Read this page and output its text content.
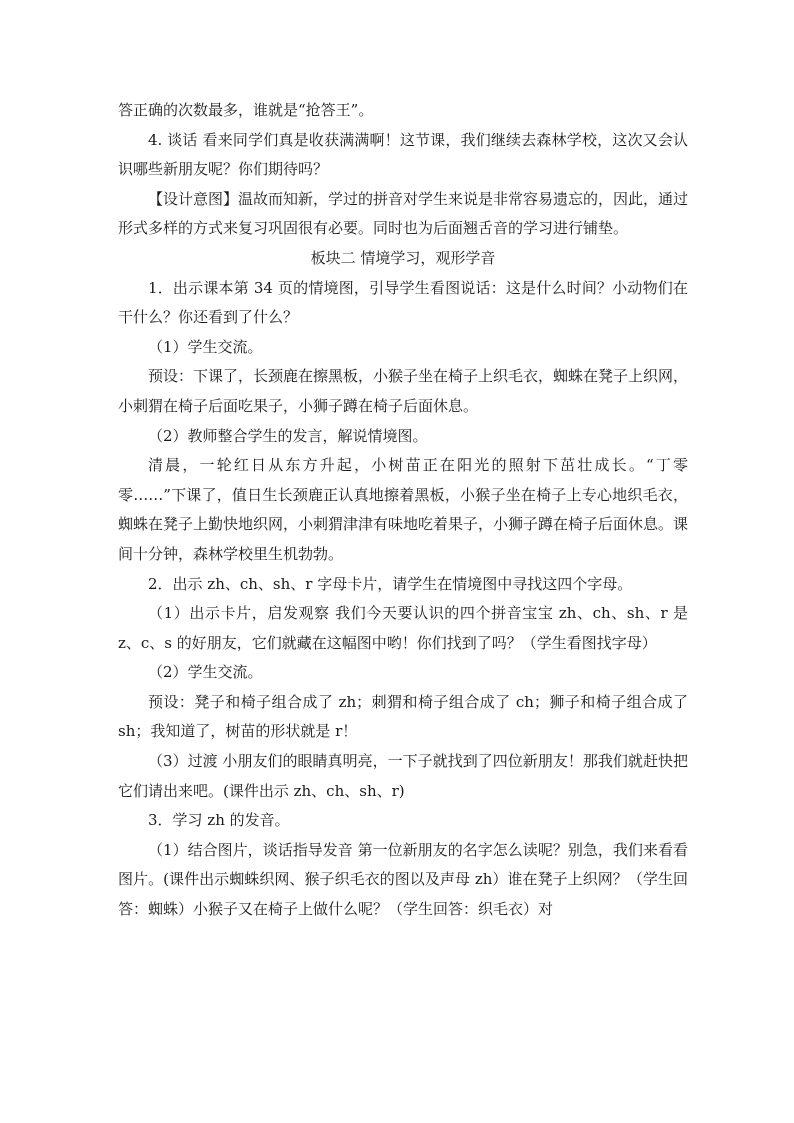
答正确的次数最多，谁就是“抢答王”。

4. 谈话 看来同学们真是收获满满啊！这节课，我们继续去森林学校，这次又会认识哪些新朋友呢？你们期待吗？

【设计意图】温故而知新，学过的拼音对学生来说是非常容易遗忘的，因此，通过形式多样的方式来复习巩固很有必要。同时也为后面翘舌音的学习进行铺垫。

板块二 情境学习，观形学音

1．出示课本第 34 页的情境图，引导学生看图说话：这是什么时间？小动物们在干什么？你还看到了什么？

（1）学生交流。

预设：下课了，长颈鹿在擦黑板，小猴子坐在椅子上织毛衣，蜘蛛在凳子上织网，小刺猬在椅子后面吃果子，小狮子蹲在椅子后面休息。

（2）教师整合学生的发言，解说情境图。

清晨，一轮红日从东方升起，小树苗正在阳光的照射下茁壮成长。“丁零零……”下课了，值日生长颈鹿正认真地擦着黑板，小猴子坐在椅子上专心地织毛衣，蜘蛛在凳子上勤快地织网，小刺猬津津有味地吃着果子，小狮子蹲在椅子后面休息。课间十分钟，森林学校里生机勃勃。

2．出示 zh、ch、sh、r 字母卡片，请学生在情境图中寻找这四个字母。

（1）出示卡片，启发观察 我们今天要认识的四个拼音宝宝 zh、ch、sh、r 是 z、c、s 的好朋友，它们就藏在这幅图中哟！你们找到了吗？（学生看图找字母）

（2）学生交流。

预设：凳子和椅子组合成了 zh；刺猬和椅子组合成了 ch；狮子和椅子组合成了 sh；我知道了，树苗的形状就是 r！

（3）过渡 小朋友们的眼睛真明亮，一下子就找到了四位新朋友！那我们就赶快把它们请出来吧。(课件出示 zh、ch、sh、r)

3．学习 zh 的发音。

（1）结合图片，谈话指导发音 第一位新朋友的名字怎么读呢？别急，我们来看看图片。(课件出示蜘蛛织网、猴子织毛衣的图以及声母 zh）谁在凳子上织网？（学生回答：蜘蛛）小猴子又在椅子上做什么呢？（学生回答：织毛衣）对
